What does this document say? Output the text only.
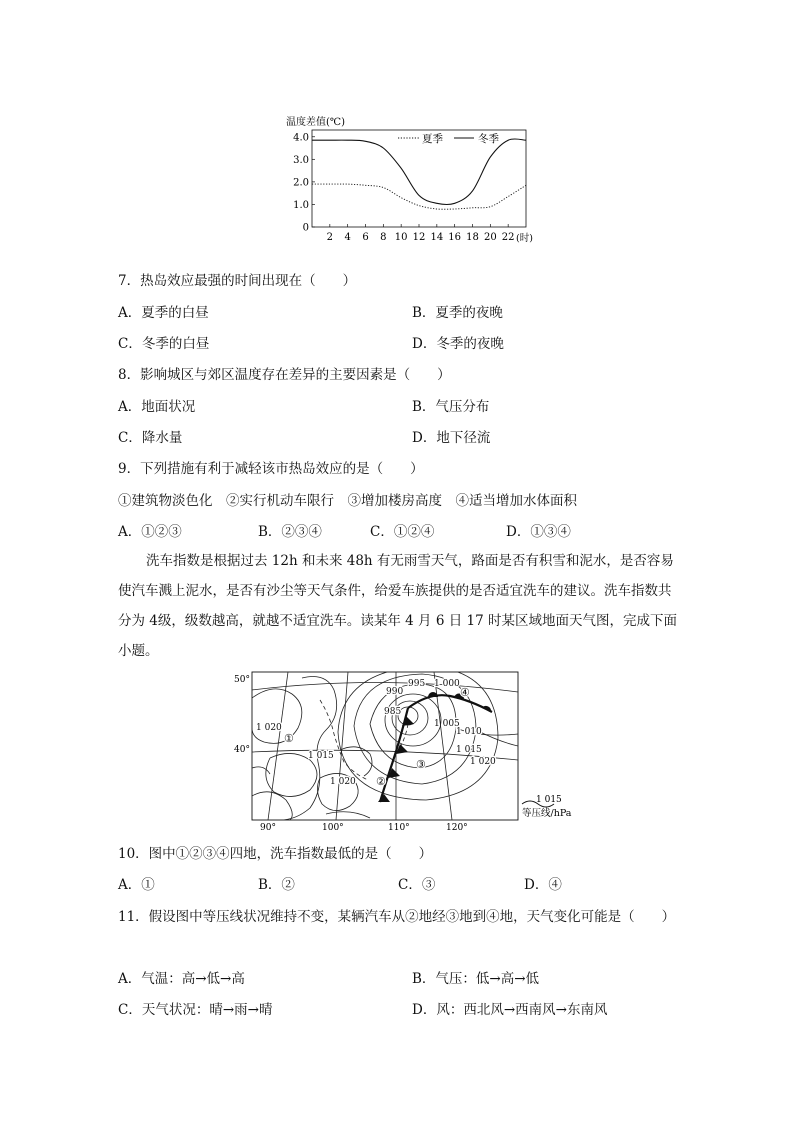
温度差值(℃)
0
1.0
2.0
3.0
4.0
2 4 6 8 10 12 14 16 18 20 22
夏季	冬季
(时)
7．热岛效应最强的时间出现在（　　）
A．夏季的白昼	B．夏季的夜晚
C．冬季的白昼	D．冬季的夜晚
8．影响城区与郊区温度存在差异的主要因素是（　　）
A．地面状况	B．气压分布
C．降水量	D．地下径流
9．下列措施有利于减轻该市热岛效应的是（　　）
①建筑物淡色化　②实行机动车限行　③增加楼房高度　④适当增加水体面积
A．①②③	B．②③④	C．①②④	D．①③④
洗车指数是根据过去 12h 和未来 48h 有无雨雪天气，路面是否有积雪和泥水，是否容易使汽车溅上泥水，是否有沙尘等天气条件，给爱车族提供的是否适宜洗车的建议。洗车指数共分为 4级，级数越高，就越不适宜洗车。读某年 4 月 6 日 17 时某区域地面天气图，完成下面小题。
50°
40°
90°	100°	110°	120°
990
995 1 000
985
1 005
1 010
1 015
1 020
1 020
1 015
1 020
①
②
③
④
1 015
等压线/hPa
10．图中①②③④四地，洗车指数最低的是（　　）
A．①	B．②	C．③	D．④
11．假设图中等压线状况维持不变，某辆汽车从②地经③地到④地，天气变化可能是（　　）
A．气温：高→低→高	B．气压：低→高→低
C．天气状况：晴→雨→晴	D．风：西北风→西南风→东南风
